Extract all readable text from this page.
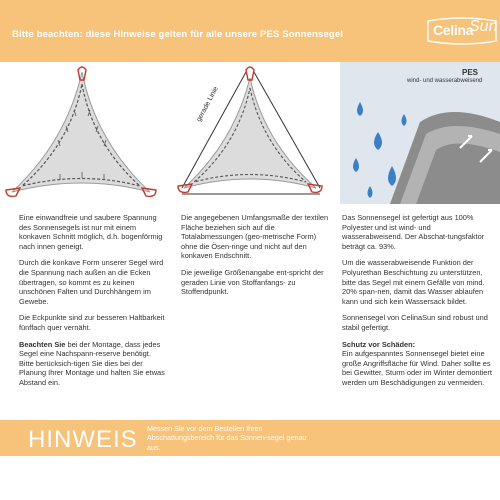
Bitte beachten: diese Hinweise gelten für alle unsere PES Sonnensegel	Celina
Sun
gerade Linie
PES
wind- und wasserabweisend

Eine einwandfreie und saubere Spannung des Sonnensegels ist nur mit einem konkaven Schnitt möglich, d.h. bogenförmig nach innen geneigt.

Durch die konkave Form unserer Segel wird die Spannung nach außen an die Ecken übertragen, so kommt es zu keinen unschönen Falten und Durchhängern im Gewebe.

Die Eckpunkte sind zur besseren Haltbarkeit fünffach quer vernäht.

Beachten Sie bei der Montage, dass jedes Segel eine Nachspann-reserve benötigt. Bitte berücksich-tigen Sie dies bei der Planung Ihrer Montage und halten Sie etwas Abstand ein.

Die angegebenen Umfangsmaße der textilen Fläche beziehen sich auf die Totalabmessungen (geo-metrische Form) ohne die Ösen-ringe und nicht auf den konkaven Endschnitt.

Die jeweilige Größenangabe ent-spricht der geraden Linie von Stoffanfangs- zu Stoffendpunkt.

Das Sonnensegel ist gefertigt aus 100% Polyester und ist wind- und wasserabweisend. Der Abschat-tungsfaktor beträgt ca. 93%.

Um die wasserabweisende Funktion der Polyurethan Beschichtung zu unterstützen, bitte das Segel mit einem Gefälle von mind. 20% span-nen, damit das Wasser ablaufen kann und sich kein Wassersack bildet.

Sonnensegel von CelinaSun sind robust und stabil gefertigt.

Schutz vor Schäden:
Ein aufgespanntes Sonnensegel bietet eine große Angriffsfläche für Wind. Daher sollte es bei Gewitter, Sturm oder im Winter demontiert werden um Beschädigungen zu vermeiden.

HINWEIS Messen Sie vor dem Bestellen Ihren Abschattungsbereich für das Sonnen-segel genau aus.
